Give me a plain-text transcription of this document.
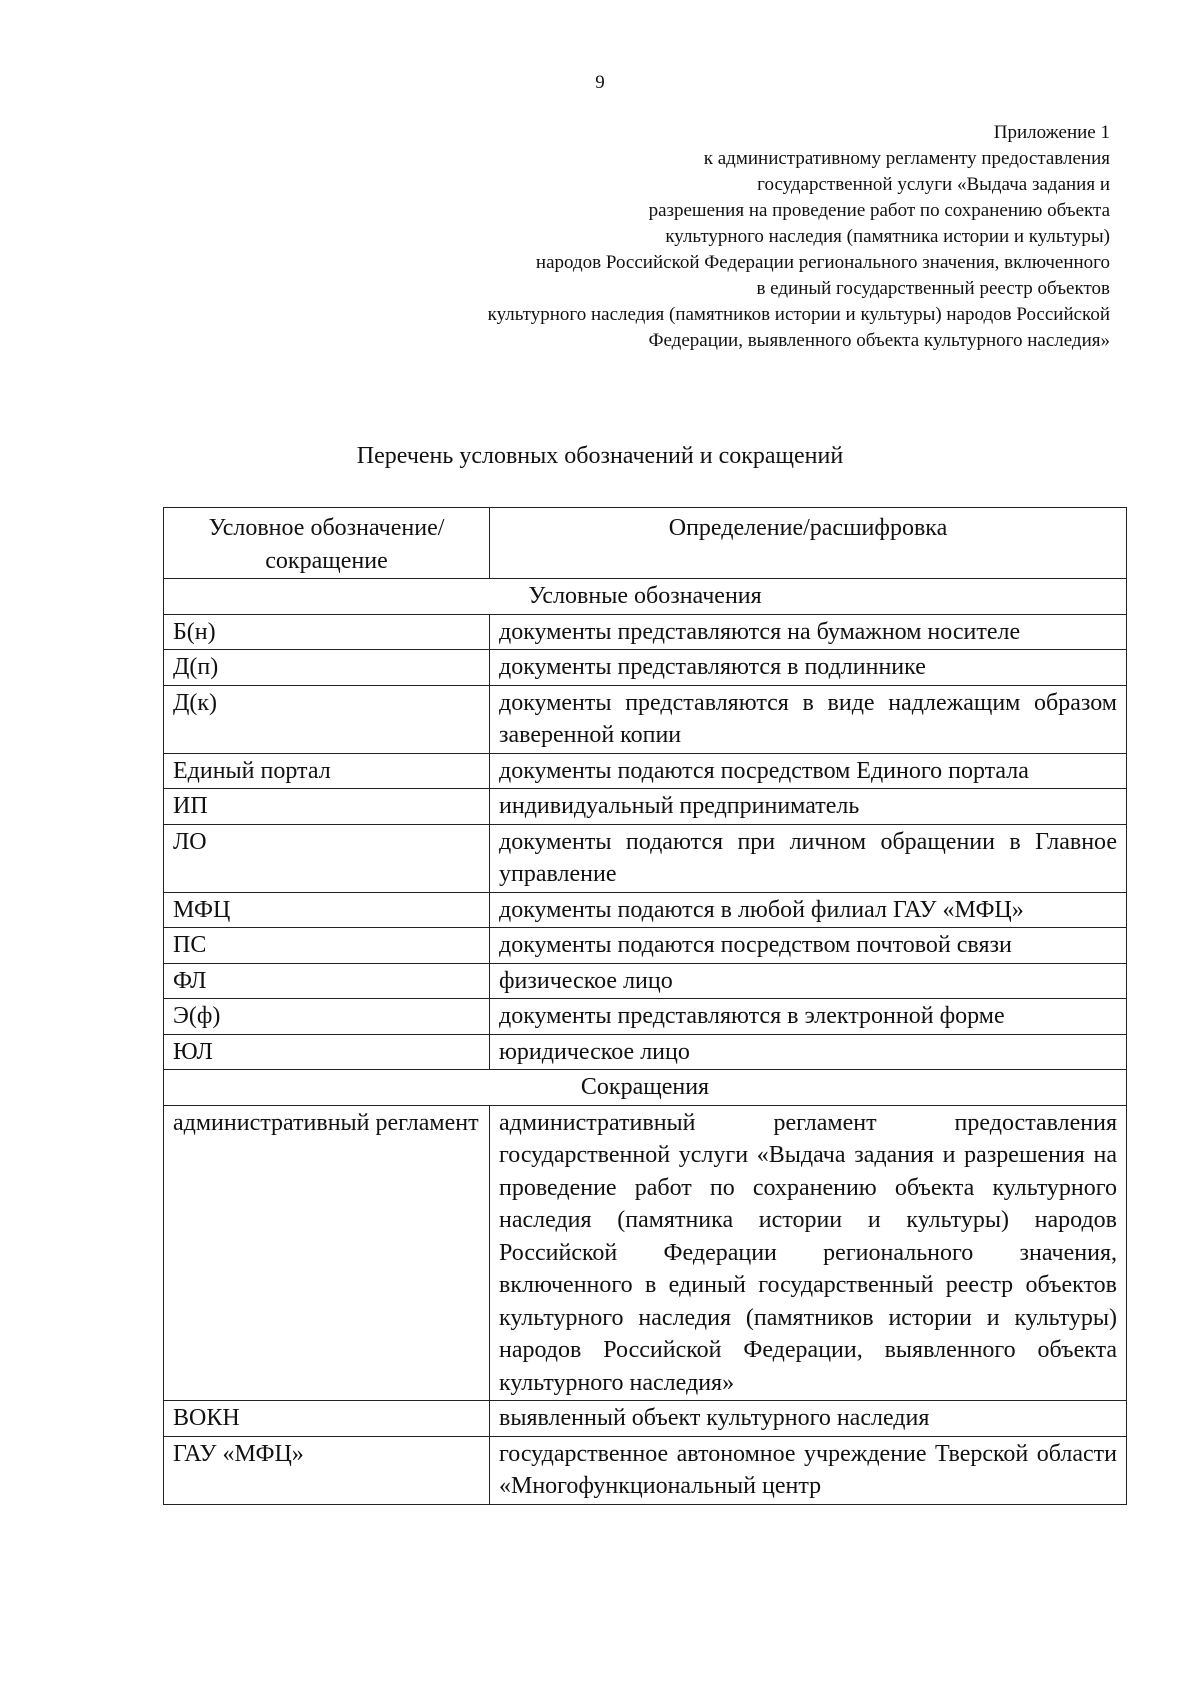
9
Приложение 1
к административному регламенту предоставления
государственной услуги «Выдача задания и
разрешения на проведение работ по сохранению объекта
культурного наследия (памятника истории и культуры)
народов Российской Федерации регионального значения, включенного
в единый государственный реестр объектов
культурного наследия (памятников истории и культуры) народов Российской
Федерации, выявленного объекта культурного наследия»
Перечень условных обозначений и сокращений
Условное обозначение/сокращение	Определение/расшифровка
Условные обозначения	
Б(н)	документы представляются на бумажном носителе
Д(п)	документы представляются в подлиннике
Д(к)	документы представляются в виде надлежащим образом заверенной копии
Единый портал	документы подаются посредством Единого портала
ИП	индивидуальный предприниматель
ЛО	документы подаются при личном обращении в Главное управление
МФЦ	документы подаются в любой филиал ГАУ «МФЦ»
ПС	документы подаются посредством почтовой связи
ФЛ	физическое лицо
Э(ф)	документы представляются в электронной форме
ЮЛ	юридическое лицо
Сокращения	
административный регламент	административный регламент предоставления государственной услуги «Выдача задания и разрешения на проведение работ по сохранению объекта культурного наследия (памятника истории и культуры) народов Российской Федерации регионального значения, включенного в единый государственный реестр объектов культурного наследия (памятников истории и культуры) народов Российской Федерации, выявленного объекта культурного наследия»
ВОКН	выявленный объект культурного наследия
ГАУ «МФЦ»	государственное автономное учреждение Тверской области «Многофункциональный центр
